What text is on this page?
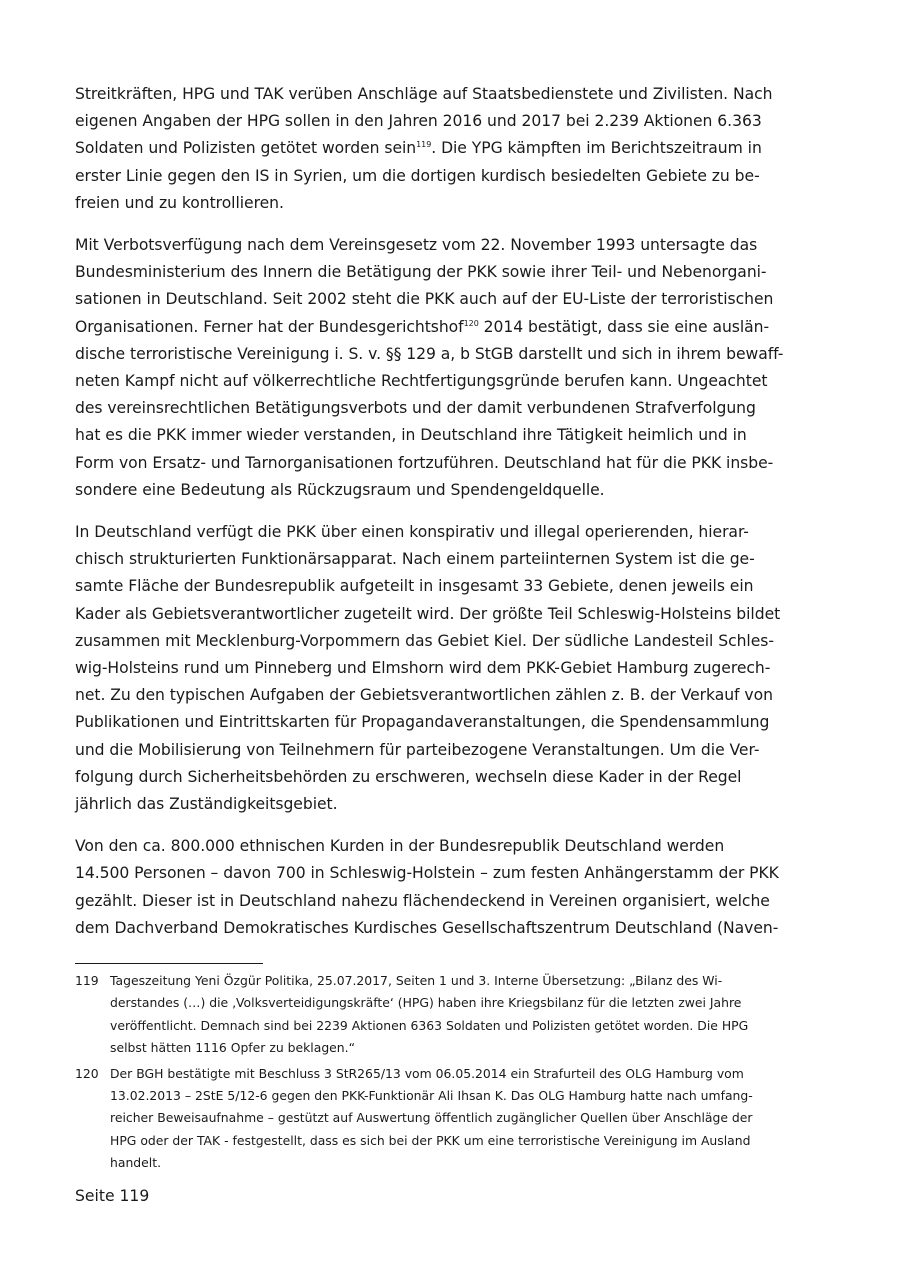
Streitkräften, HPG und TAK verüben Anschläge auf Staatsbedienstete und Zivilisten. Nach
eigenen Angaben der HPG sollen in den Jahren 2016 und 2017 bei 2.239 Aktionen 6.363
Soldaten und Polizisten getötet worden sein$^{119}$. Die YPG kämpften im Berichtszeitraum in
erster Linie gegen den IS in Syrien, um die dortigen kurdisch besiedelten Gebiete zu be-
freien und zu kontrollieren.

Mit Verbotsverfügung nach dem Vereinsgesetz vom 22. November 1993 untersagte das
Bundesministerium des Innern die Betätigung der PKK sowie ihrer Teil- und Nebenorgani-
sationen in Deutschland. Seit 2002 steht die PKK auch auf der EU-Liste der terroristischen
Organisationen. Ferner hat der Bundesgerichtshof$^{120}$ 2014 bestätigt, dass sie eine auslän-
dische terroristische Vereinigung i. S. v. §§ 129 a, b StGB darstellt und sich in ihrem bewaff-
neten Kampf nicht auf völkerrechtliche Rechtfertigungsgründe berufen kann. Ungeachtet
des vereinsrechtlichen Betätigungsverbots und der damit verbundenen Strafverfolgung
hat es die PKK immer wieder verstanden, in Deutschland ihre Tätigkeit heimlich und in
Form von Ersatz- und Tarnorganisationen fortzuführen. Deutschland hat für die PKK insbe-
sondere eine Bedeutung als Rückzugsraum und Spendengeldquelle.

In Deutschland verfügt die PKK über einen konspirativ und illegal operierenden, hierar-
chisch strukturierten Funktionärsapparat. Nach einem parteiinternen System ist die ge-
samte Fläche der Bundesrepublik aufgeteilt in insgesamt 33 Gebiete, denen jeweils ein
Kader als Gebietsverantwortlicher zugeteilt wird. Der größte Teil Schleswig-Holsteins bildet
zusammen mit Mecklenburg-Vorpommern das Gebiet Kiel. Der südliche Landesteil Schles-
wig-Holsteins rund um Pinneberg und Elmshorn wird dem PKK-Gebiet Hamburg zugerech-
net. Zu den typischen Aufgaben der Gebietsverantwortlichen zählen z. B. der Verkauf von
Publikationen und Eintrittskarten für Propagandaveranstaltungen, die Spendensammlung
und die Mobilisierung von Teilnehmern für parteibezogene Veranstaltungen. Um die Ver-
folgung durch Sicherheitsbehörden zu erschweren, wechseln diese Kader in der Regel
jährlich das Zuständigkeitsgebiet.

Von den ca. 800.000 ethnischen Kurden in der Bundesrepublik Deutschland werden
14.500 Personen – davon 700 in Schleswig-Holstein – zum festen Anhängerstamm der PKK
gezählt. Dieser ist in Deutschland nahezu flächendeckend in Vereinen organisiert, welche
dem Dachverband Demokratisches Kurdisches Gesellschaftszentrum Deutschland (Naven-

119 Tageszeitung Yeni Özgür Politika, 25.07.2017, Seiten 1 und 3. Interne Übersetzung: „Bilanz des Wi-
derstandes (…) die ‚Volksverteidigungskräfte‘ (HPG) haben ihre Kriegsbilanz für die letzten zwei Jahre
veröffentlicht. Demnach sind bei 2239 Aktionen 6363 Soldaten und Polizisten getötet worden. Die HPG
selbst hätten 1116 Opfer zu beklagen.“
120 Der BGH bestätigte mit Beschluss 3 StR265/13 vom 06.05.2014 ein Strafurteil des OLG Hamburg vom
13.02.2013 – 2StE 5/12-6 gegen den PKK-Funktionär Ali Ihsan K. Das OLG Hamburg hatte nach umfang-
reicher Beweisaufnahme – gestützt auf Auswertung öffentlich zugänglicher Quellen über Anschläge der
HPG oder der TAK - festgestellt, dass es sich bei der PKK um eine terroristische Vereinigung im Ausland
handelt.
Seite 119
